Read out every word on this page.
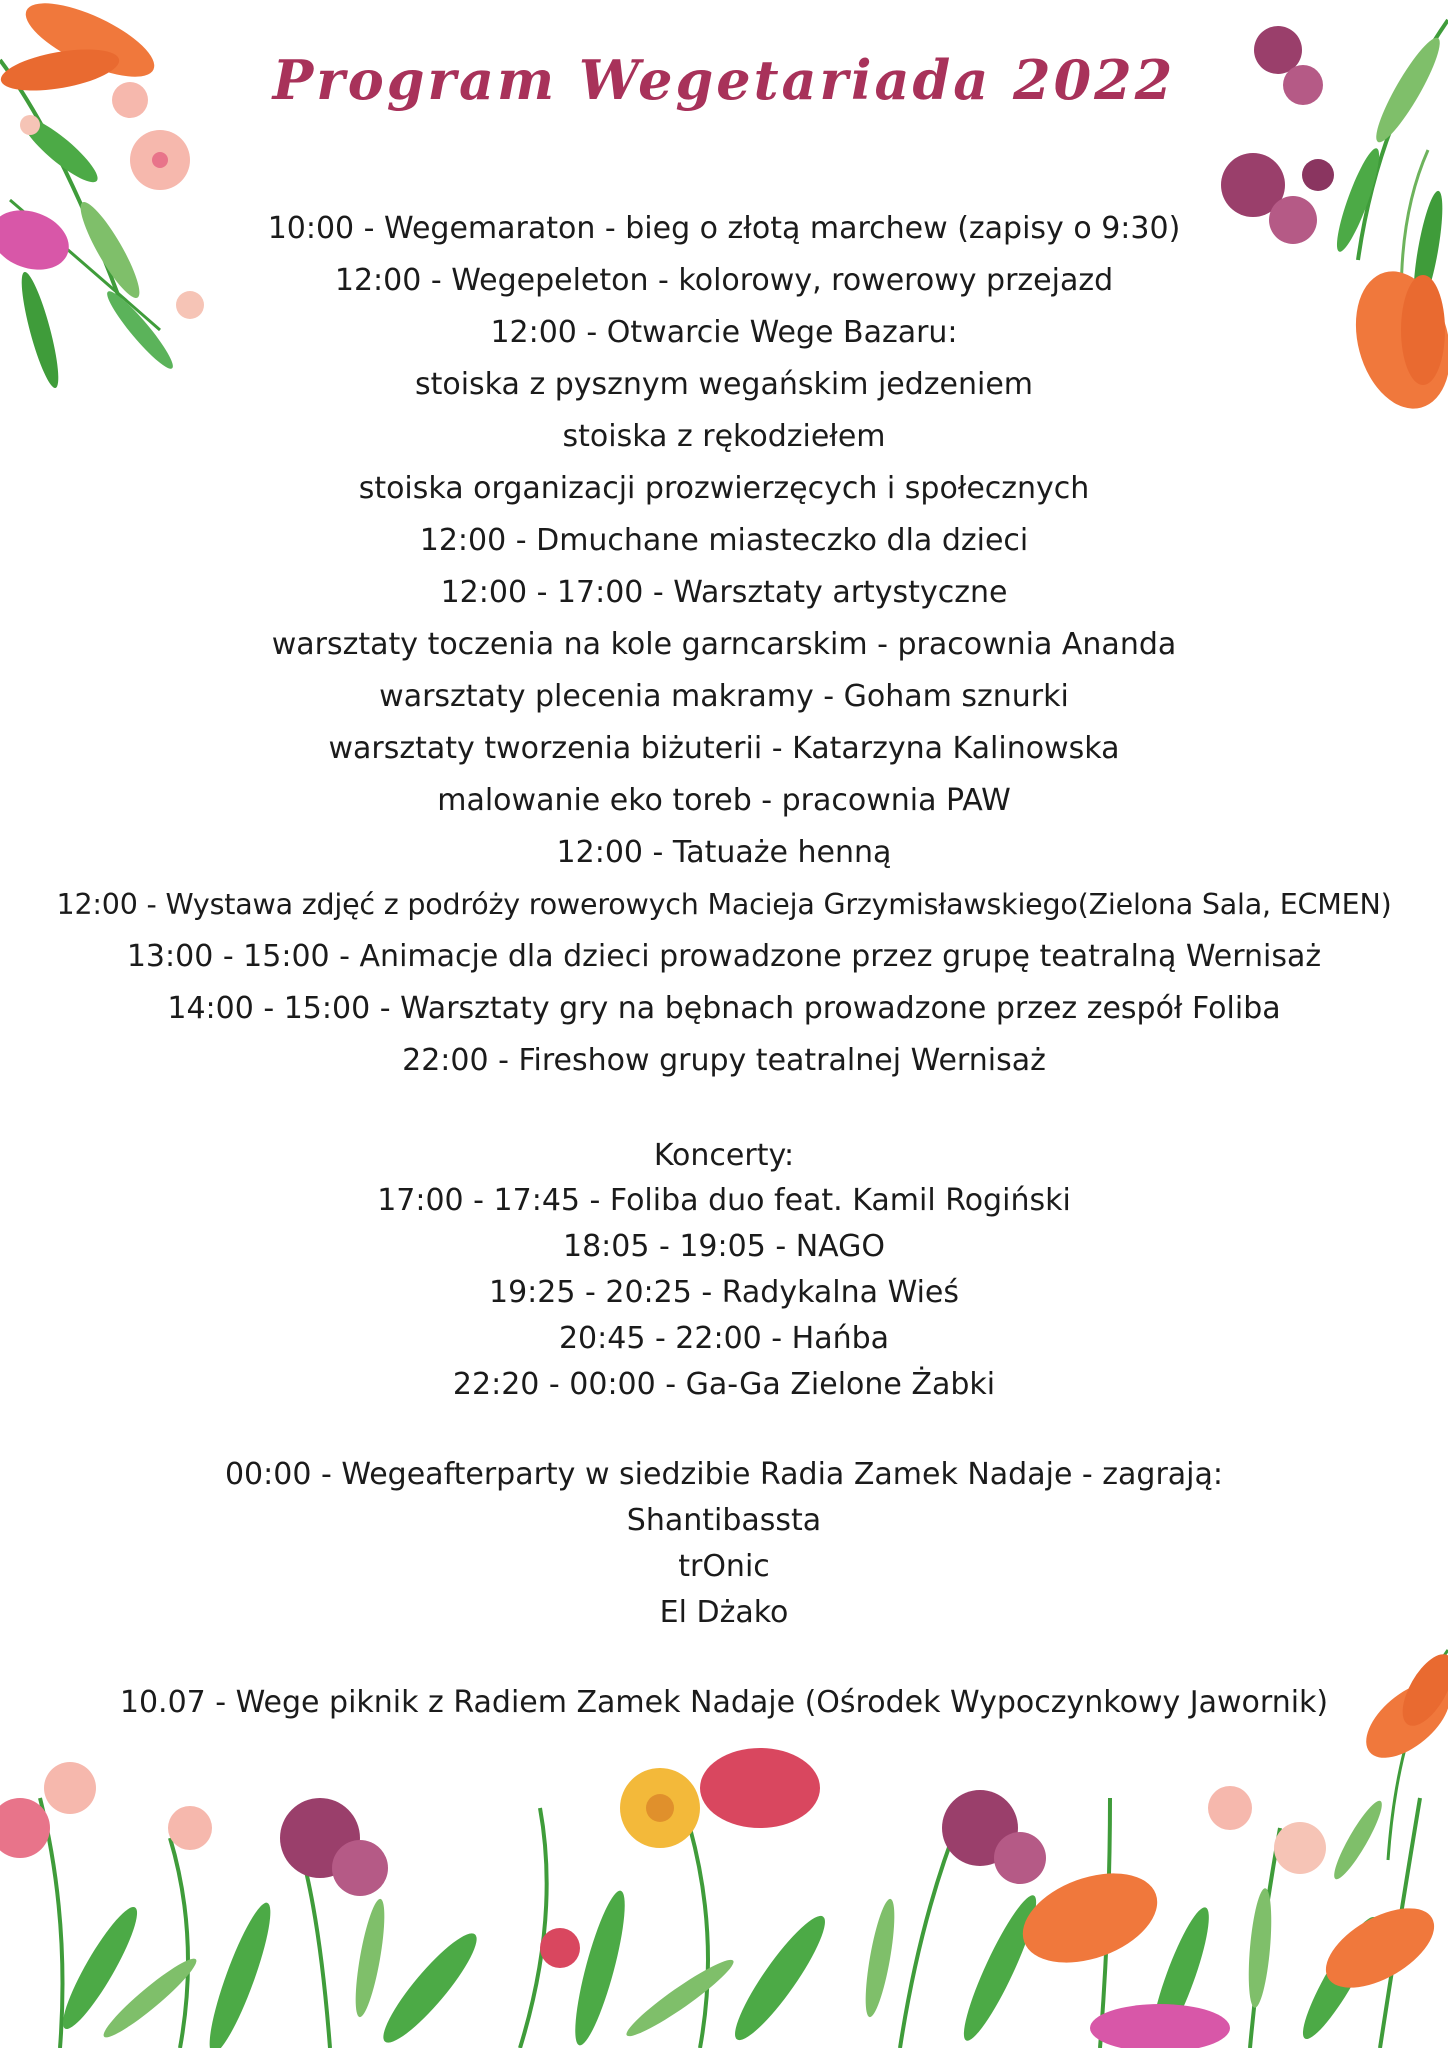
Program Wegetariada 2022
10:00 - Wegemaraton - bieg o złotą marchew (zapisy o 9:30)
12:00 - Wegepeleton - kolorowy, rowerowy przejazd
12:00 - Otwarcie Wege Bazaru:
stoiska z pysznym wegańskim jedzeniem
stoiska z rękodziełem
stoiska organizacji prozwierzęcych i społecznych
12:00 - Dmuchane miasteczko dla dzieci
12:00 - 17:00 - Warsztaty artystyczne
warsztaty toczenia na kole garncarskim - pracownia Ananda
warsztaty plecenia makramy - Goham sznurki
warsztaty tworzenia biżuterii - Katarzyna Kalinowska
malowanie eko toreb - pracownia PAW
12:00 - Tatuaże henną
12:00 - Wystawa zdjęć z podróży rowerowych Macieja Grzymisławskiego(Zielona Sala, ECMEN)
13:00 - 15:00 - Animacje dla dzieci prowadzone przez grupę teatralną Wernisaż
14:00 - 15:00 - Warsztaty gry na bębnach prowadzone przez zespół Foliba
22:00 - Fireshow grupy teatralnej Wernisaż
Koncerty:
17:00 - 17:45 - Foliba duo feat. Kamil Rogiński
18:05 - 19:05 - NAGO
19:25 - 20:25 - Radykalna Wieś
20:45 - 22:00 - Hańba
22:20 - 00:00 - Ga-Ga Zielone Żabki
00:00 - Wegeafterparty w siedzibie Radia Zamek Nadaje - zagrają:
Shantibassta
trOnic
El Dżako
10.07 - Wege piknik z Radiem Zamek Nadaje (Ośrodek Wypoczynkowy Jawornik)
